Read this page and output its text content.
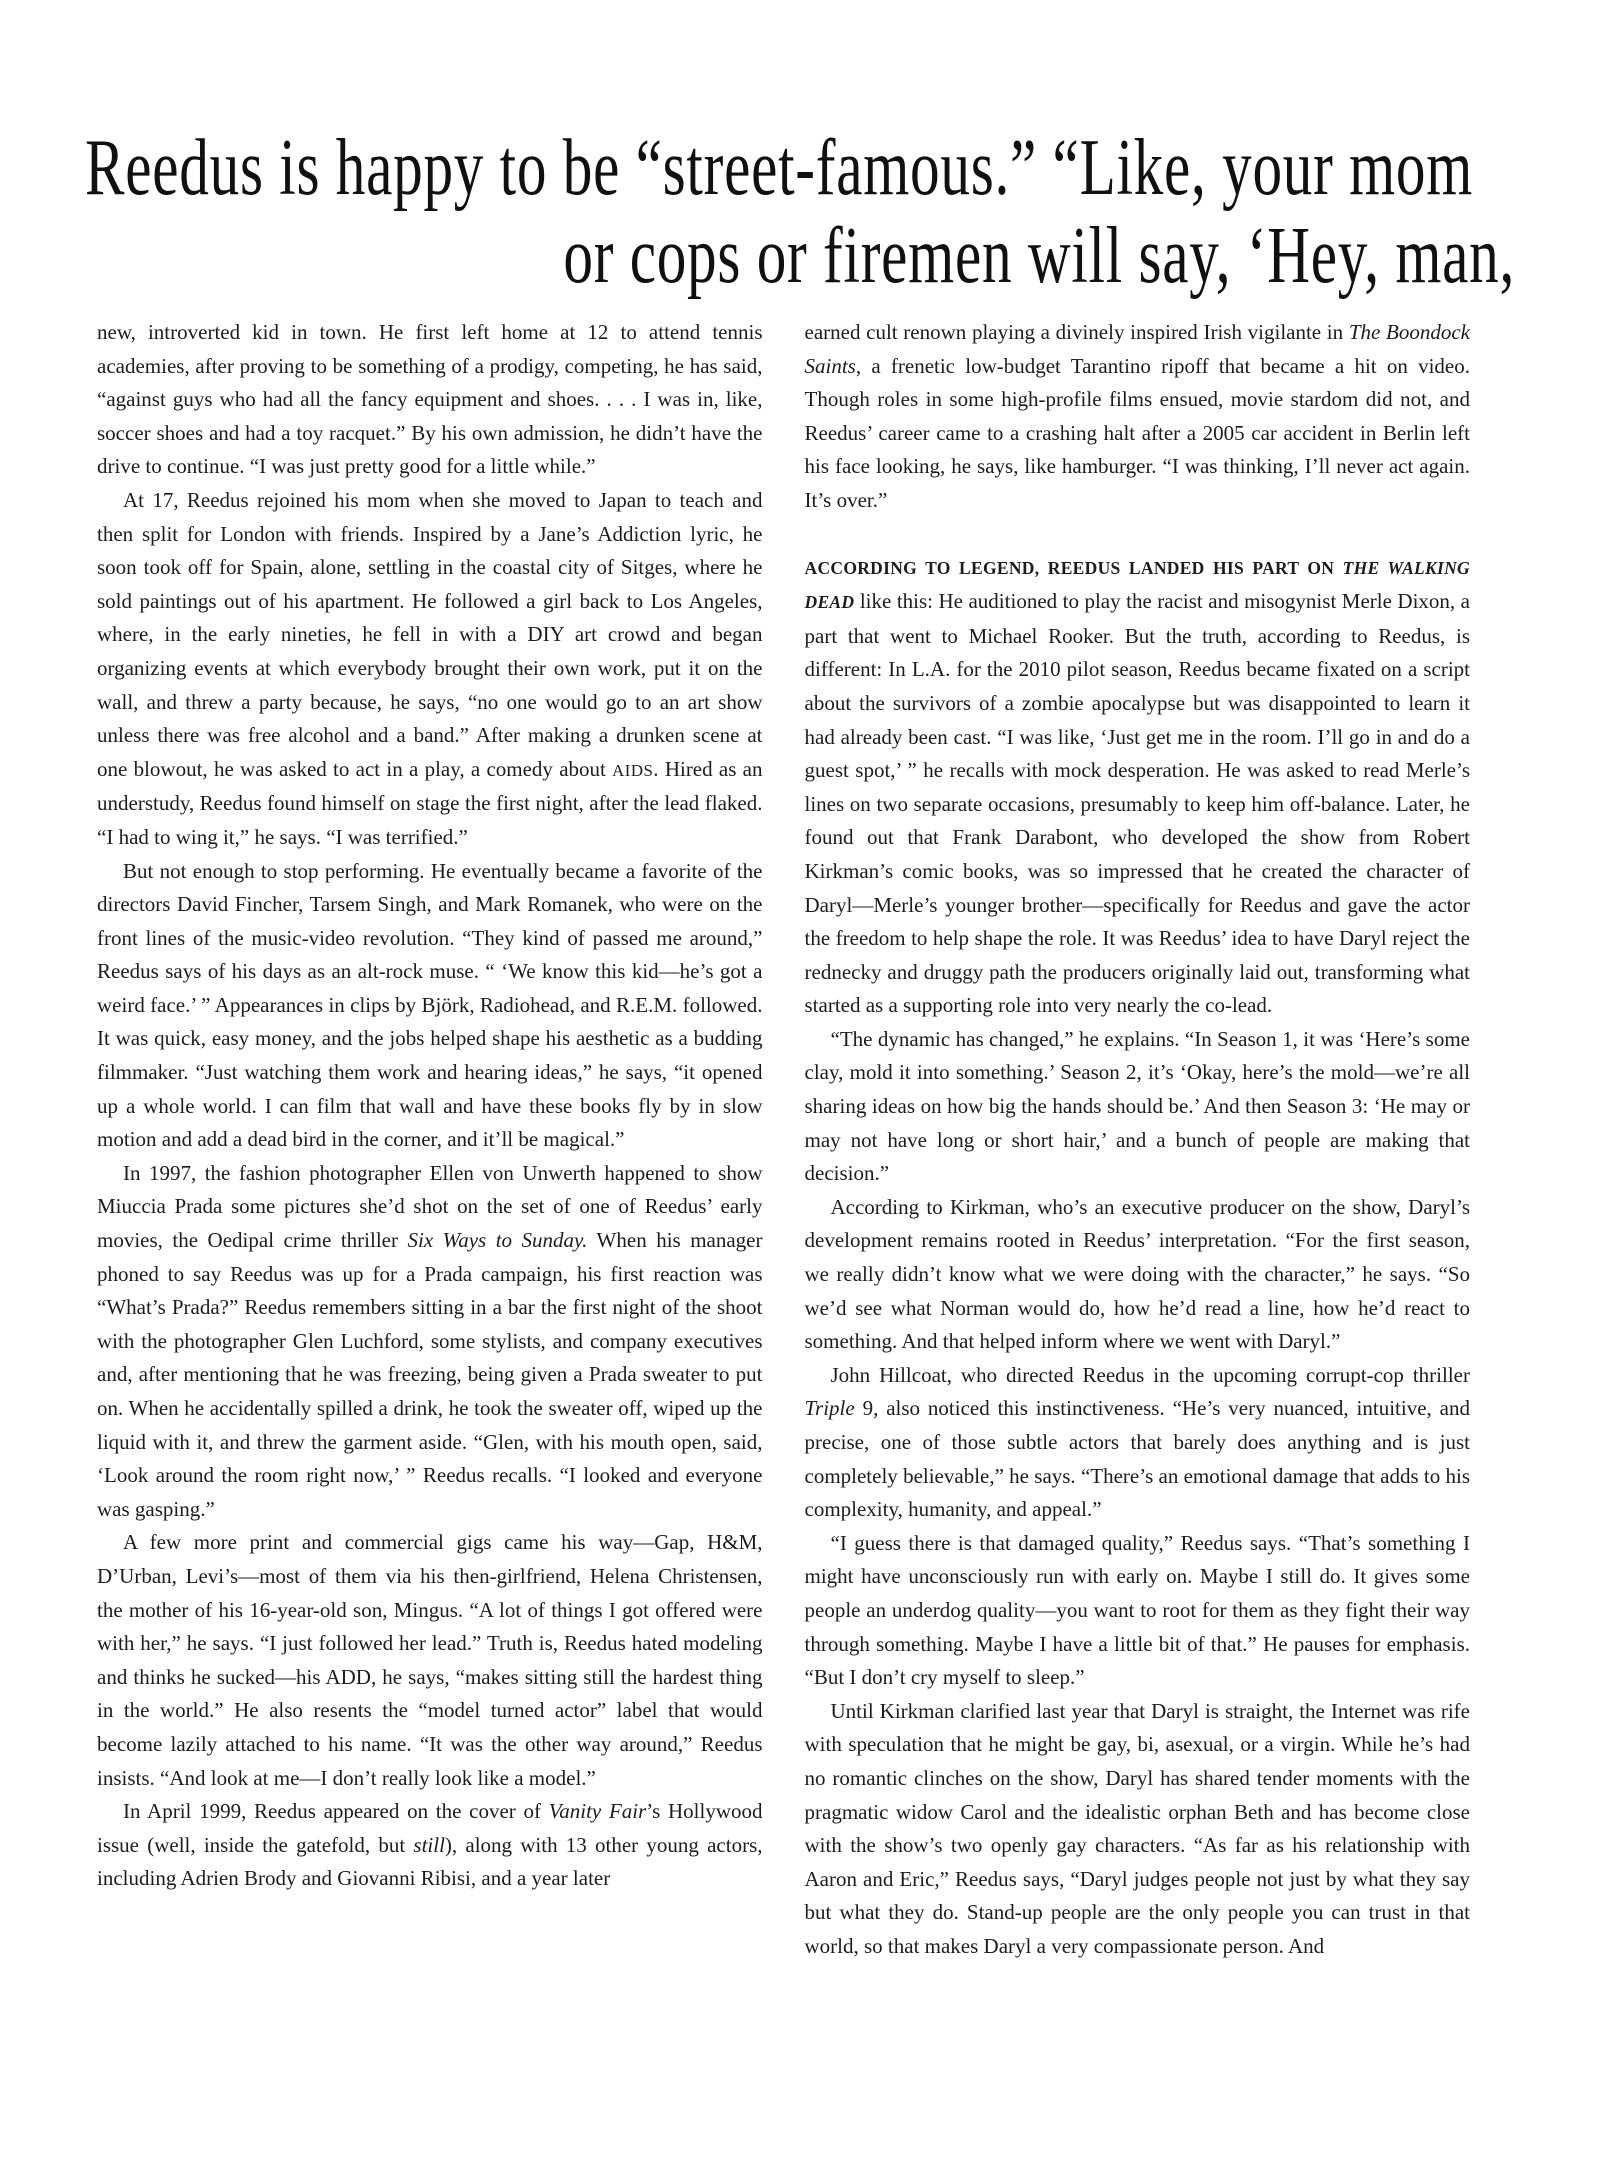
Reedus is happy to be “street-famous.” “Like, your mom
or cops or firemen will say, ‘Hey, man,

new, introverted kid in town. He first left home at 12 to attend tennis academies, after proving to be something of a prodigy, competing, he has said, “against guys who had all the fancy equipment and shoes. . . . I was in, like, soccer shoes and had a toy racquet.” By his own admission, he didn’t have the drive to continue. “I was just pretty good for a little while.”

At 17, Reedus rejoined his mom when she moved to Japan to teach and then split for London with friends. Inspired by a Jane’s Addiction lyric, he soon took off for Spain, alone, settling in the coastal city of Sitges, where he sold paintings out of his apartment. He followed a girl back to Los Angeles, where, in the early nineties, he fell in with a DIY art crowd and began organizing events at which everybody brought their own work, put it on the wall, and threw a party because, he says, “no one would go to an art show unless there was free alcohol and a band.” After making a drunken scene at one blowout, he was asked to act in a play, a comedy about AIDS. Hired as an understudy, Reedus found himself on stage the first night, after the lead flaked. “I had to wing it,” he says. “I was terrified.”

But not enough to stop performing. He eventually became a favorite of the directors David Fincher, Tarsem Singh, and Mark Romanek, who were on the front lines of the music-video revolution. “They kind of passed me around,” Reedus says of his days as an alt-rock muse. “ ‘We know this kid—he’s got a weird face.’ ” Appearances in clips by Björk, Radiohead, and R.E.M. followed. It was quick, easy money, and the jobs helped shape his aesthetic as a budding filmmaker. “Just watching them work and hearing ideas,” he says, “it opened up a whole world. I can film that wall and have these books fly by in slow motion and add a dead bird in the corner, and it’ll be magical.”

In 1997, the fashion photographer Ellen von Unwerth happened to show Miuccia Prada some pictures she’d shot on the set of one of Reedus’ early movies, the Oedipal crime thriller Six Ways to Sunday. When his manager phoned to say Reedus was up for a Prada campaign, his first reaction was “What’s Prada?” Reedus remembers sitting in a bar the first night of the shoot with the photographer Glen Luchford, some stylists, and company executives and, after mentioning that he was freezing, being given a Prada sweater to put on. When he accidentally spilled a drink, he took the sweater off, wiped up the liquid with it, and threw the garment aside. “Glen, with his mouth open, said, ‘Look around the room right now,’ ” Reedus recalls. “I looked and everyone was gasping.”

A few more print and commercial gigs came his way—Gap, H&M, D’Urban, Levi’s—most of them via his then-girlfriend, Helena Christensen, the mother of his 16-year-old son, Mingus. “A lot of things I got offered were with her,” he says. “I just followed her lead.” Truth is, Reedus hated modeling and thinks he sucked—his ADD, he says, “makes sitting still the hardest thing in the world.” He also resents the “model turned actor” label that would become lazily attached to his name. “It was the other way around,” Reedus insists. “And look at me—I don’t really look like a model.”

In April 1999, Reedus appeared on the cover of Vanity Fair’s Hollywood issue (well, inside the gatefold, but still), along with 13 other young actors, including Adrien Brody and Giovanni Ribisi, and a year later

earned cult renown playing a divinely inspired Irish vigilante in The Boondock Saints, a frenetic low-budget Tarantino ripoff that became a hit on video. Though roles in some high-profile films ensued, movie stardom did not, and Reedus’ career came to a crashing halt after a 2005 car accident in Berlin left his face looking, he says, like hamburger. “I was thinking, I’ll never act again. It’s over.”

ACCORDING TO LEGEND, REEDUS LANDED HIS PART ON THE WALKING DEAD like this: He auditioned to play the racist and misogynist Merle Dixon, a part that went to Michael Rooker. But the truth, according to Reedus, is different: In L.A. for the 2010 pilot season, Reedus became fixated on a script about the survivors of a zombie apocalypse but was disappointed to learn it had already been cast. “I was like, ‘Just get me in the room. I’ll go in and do a guest spot,’ ” he recalls with mock desperation. He was asked to read Merle’s lines on two separate occasions, presumably to keep him off-balance. Later, he found out that Frank Darabont, who developed the show from Robert Kirkman’s comic books, was so impressed that he created the character of Daryl—Merle’s younger brother—specifically for Reedus and gave the actor the freedom to help shape the role. It was Reedus’ idea to have Daryl reject the rednecky and druggy path the producers originally laid out, transforming what started as a supporting role into very nearly the co-lead.

“The dynamic has changed,” he explains. “In Season 1, it was ‘Here’s some clay, mold it into something.’ Season 2, it’s ‘Okay, here’s the mold—we’re all sharing ideas on how big the hands should be.’ And then Season 3: ‘He may or may not have long or short hair,’ and a bunch of people are making that decision.”

According to Kirkman, who’s an executive producer on the show, Daryl’s development remains rooted in Reedus’ interpretation. “For the first season, we really didn’t know what we were doing with the character,” he says. “So we’d see what Norman would do, how he’d read a line, how he’d react to something. And that helped inform where we went with Daryl.”

John Hillcoat, who directed Reedus in the upcoming corrupt-cop thriller Triple 9, also noticed this instinctiveness. “He’s very nuanced, intuitive, and precise, one of those subtle actors that barely does anything and is just completely believable,” he says. “There’s an emotional damage that adds to his complexity, humanity, and appeal.”

“I guess there is that damaged quality,” Reedus says. “That’s something I might have unconsciously run with early on. Maybe I still do. It gives some people an underdog quality—you want to root for them as they fight their way through something. Maybe I have a little bit of that.” He pauses for emphasis. “But I don’t cry myself to sleep.”

Until Kirkman clarified last year that Daryl is straight, the Internet was rife with speculation that he might be gay, bi, asexual, or a virgin. While he’s had no romantic clinches on the show, Daryl has shared tender moments with the pragmatic widow Carol and the idealistic orphan Beth and has become close with the show’s two openly gay characters. “As far as his relationship with Aaron and Eric,” Reedus says, “Daryl judges people not just by what they say but what they do. Stand-up people are the only people you can trust in that world, so that makes Daryl a very compassionate person. And
